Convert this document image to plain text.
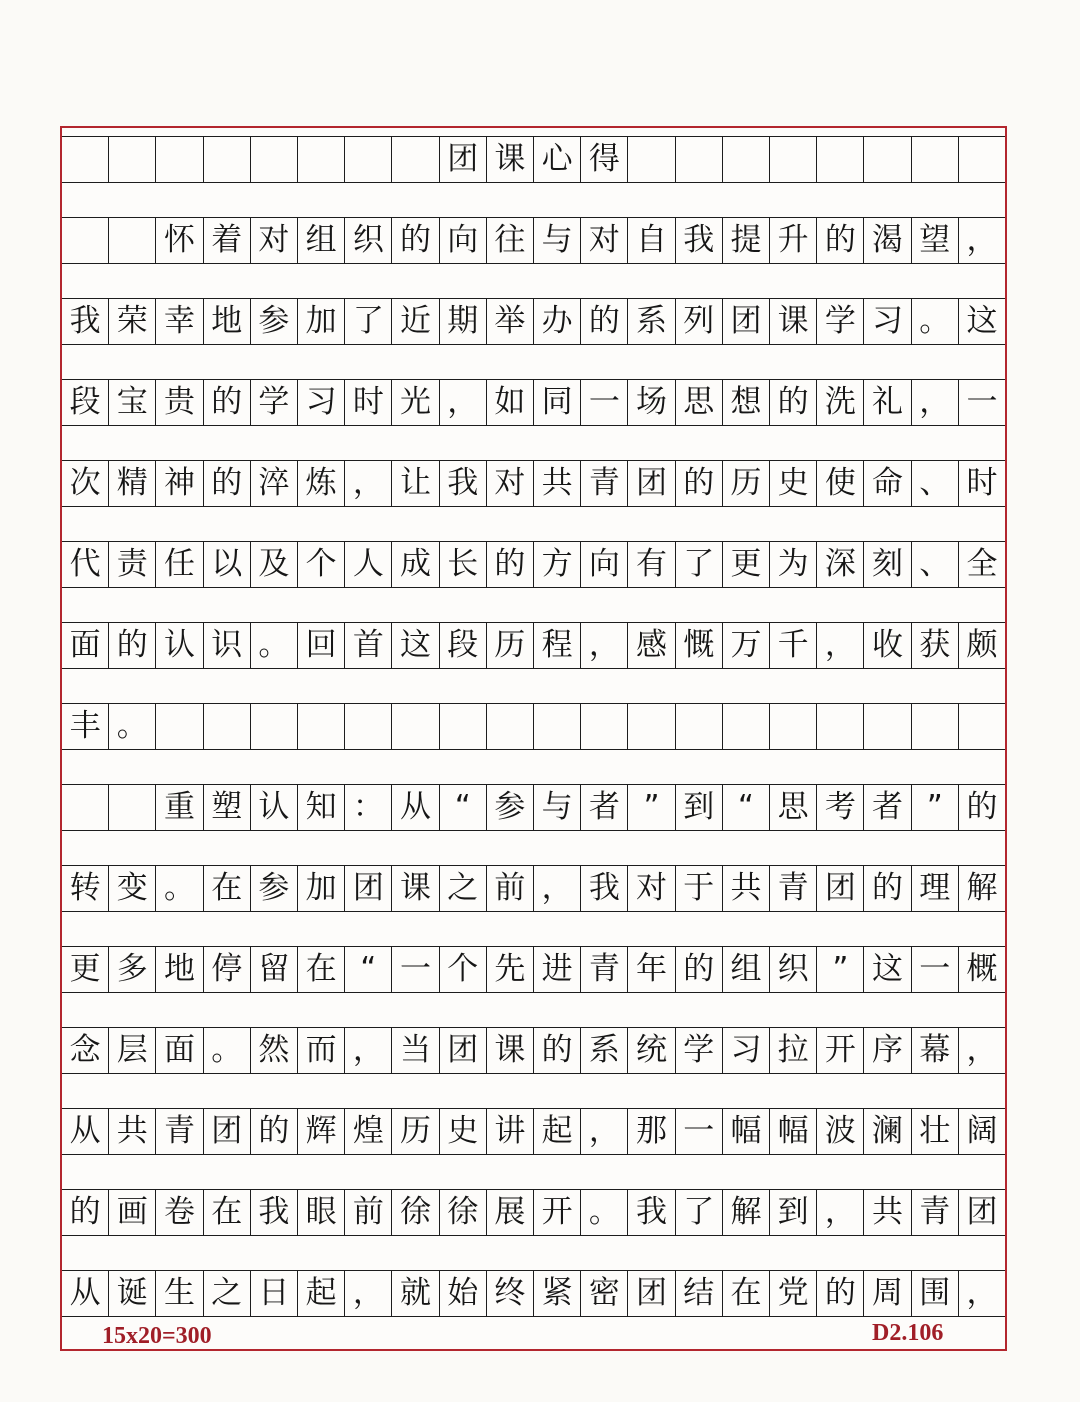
团 课 心 得
怀 着 对 组 织 的 向 往 与 对 自 我 提 升 的 渴 望 ，
我 荣 幸 地 参 加 了 近 期 举 办 的 系 列 团 课 学 习 。 这
段 宝 贵 的 学 习 时 光 ， 如 同 一 场 思 想 的 洗 礼 ， 一
次 精 神 的 淬 炼 ， 让 我 对 共 青 团 的 历 史 使 命 、 时
代 责 任 以 及 个 人 成 长 的 方 向 有 了 更 为 深 刻 、 全
面 的 认 识 。 回 首 这 段 历 程 ， 感 慨 万 千 ， 收 获 颇
丰 。
重 塑 认 知 ： 从 “ 参 与 者 ” 到 “ 思 考 者 ” 的
转 变 。 在 参 加 团 课 之 前 ， 我 对 于 共 青 团 的 理 解
更 多 地 停 留 在 “ 一 个 先 进 青 年 的 组 织 ” 这 一 概
念 层 面 。 然 而 ， 当 团 课 的 系 统 学 习 拉 开 序 幕 ，
从 共 青 团 的 辉 煌 历 史 讲 起 ， 那 一 幅 幅 波 澜 壮 阔
的 画 卷 在 我 眼 前 徐 徐 展 开 。 我 了 解 到 ， 共 青 团
从 诞 生 之 日 起 ， 就 始 终 紧 密 团 结 在 党 的 周 围 ，
15x20=300	D2.106
